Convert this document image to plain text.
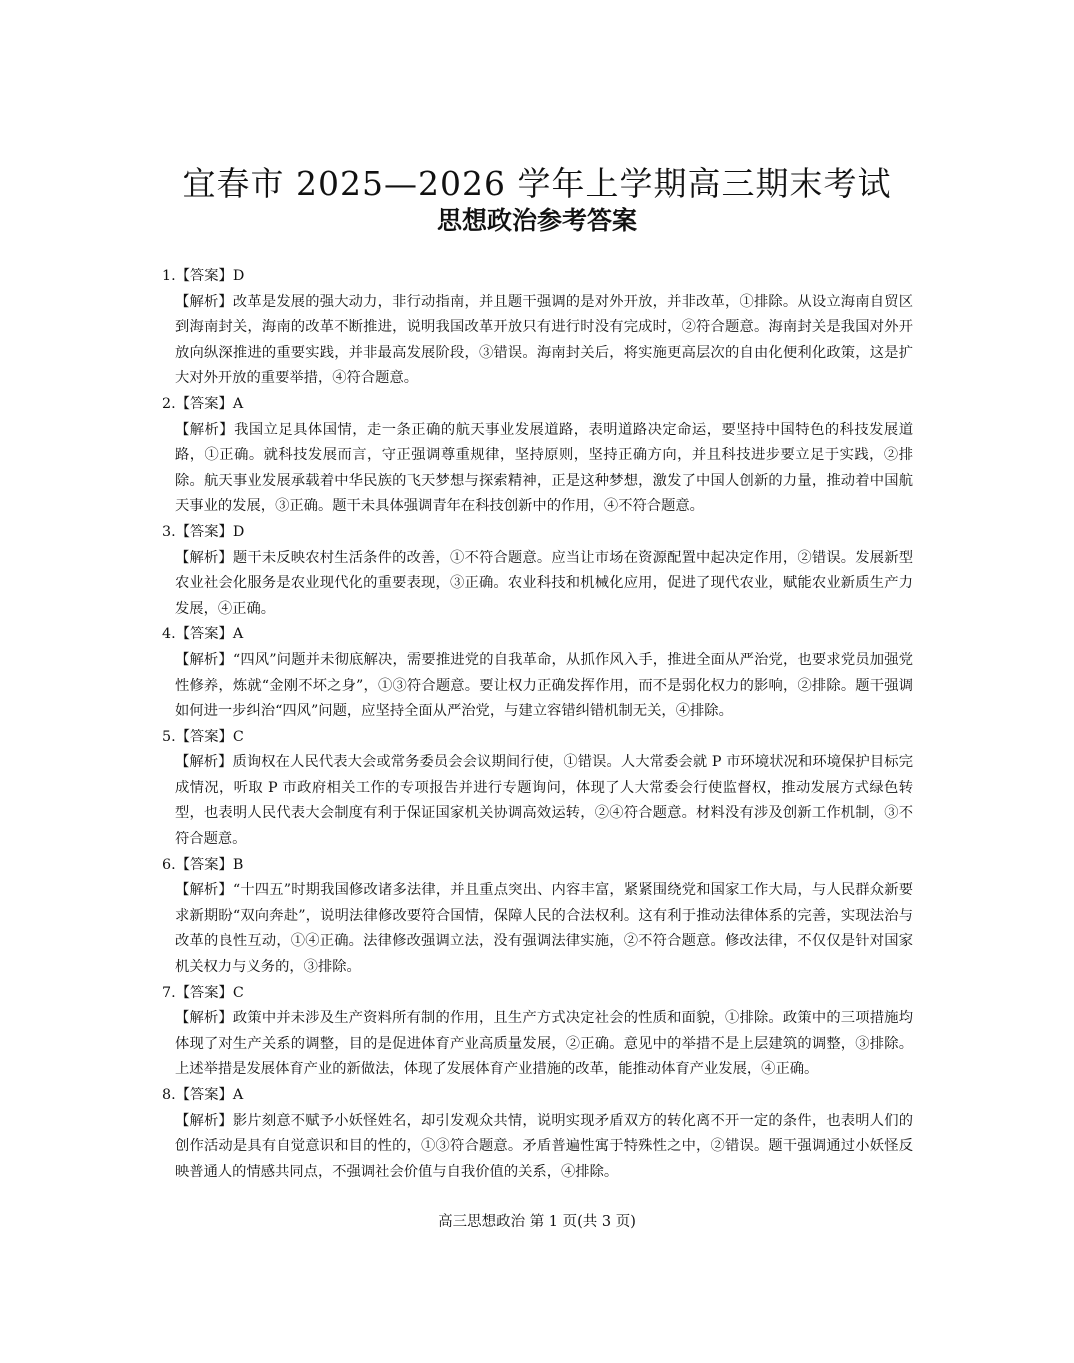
宜春市 2025—2026 学年上学期高三期末考试
思想政治参考答案
1.【答案】D
【解析】改革是发展的强大动力，非行动指南，并且题干强调的是对外开放，并非改革，①排除。从设立海南自贸区到海南封关，海南的改革不断推进，说明我国改革开放只有进行时没有完成时，②符合题意。海南封关是我国对外开放向纵深推进的重要实践，并非最高发展阶段，③错误。海南封关后，将实施更高层次的自由化便利化政策，这是扩大对外开放的重要举措，④符合题意。
2.【答案】A
【解析】我国立足具体国情，走一条正确的航天事业发展道路，表明道路决定命运，要坚持中国特色的科技发展道路，①正确。就科技发展而言，守正强调尊重规律，坚持原则，坚持正确方向，并且科技进步要立足于实践，②排除。航天事业发展承载着中华民族的飞天梦想与探索精神，正是这种梦想，激发了中国人创新的力量，推动着中国航天事业的发展，③正确。题干未具体强调青年在科技创新中的作用，④不符合题意。
3.【答案】D
【解析】题干未反映农村生活条件的改善，①不符合题意。应当让市场在资源配置中起决定作用，②错误。发展新型农业社会化服务是农业现代化的重要表现，③正确。农业科技和机械化应用，促进了现代农业，赋能农业新质生产力发展，④正确。
4.【答案】A
【解析】“四风”问题并未彻底解决，需要推进党的自我革命，从抓作风入手，推进全面从严治党，也要求党员加强党性修养，炼就“金刚不坏之身”，①③符合题意。要让权力正确发挥作用，而不是弱化权力的影响，②排除。题干强调如何进一步纠治“四风”问题，应坚持全面从严治党，与建立容错纠错机制无关，④排除。
5.【答案】C
【解析】质询权在人民代表大会或常务委员会会议期间行使，①错误。人大常委会就 P 市环境状况和环境保护目标完成情况，听取 P 市政府相关工作的专项报告并进行专题询问，体现了人大常委会行使监督权，推动发展方式绿色转型，也表明人民代表大会制度有利于保证国家机关协调高效运转，②④符合题意。材料没有涉及创新工作机制，③不符合题意。
6.【答案】B
【解析】“十四五”时期我国修改诸多法律，并且重点突出、内容丰富，紧紧围绕党和国家工作大局，与人民群众新要求新期盼“双向奔赴”，说明法律修改要符合国情，保障人民的合法权利。这有利于推动法律体系的完善，实现法治与改革的良性互动，①④正确。法律修改强调立法，没有强调法律实施，②不符合题意。修改法律，不仅仅是针对国家机关权力与义务的，③排除。
7.【答案】C
【解析】政策中并未涉及生产资料所有制的作用，且生产方式决定社会的性质和面貌，①排除。政策中的三项措施均体现了对生产关系的调整，目的是促进体育产业高质量发展，②正确。意见中的举措不是上层建筑的调整，③排除。上述举措是发展体育产业的新做法，体现了发展体育产业措施的改革，能推动体育产业发展，④正确。
8.【答案】A
【解析】影片刻意不赋予小妖怪姓名，却引发观众共情，说明实现矛盾双方的转化离不开一定的条件，也表明人们的创作活动是具有自觉意识和目的性的，①③符合题意。矛盾普遍性寓于特殊性之中，②错误。题干强调通过小妖怪反映普通人的情感共同点，不强调社会价值与自我价值的关系，④排除。
高三思想政治 第 1 页(共 3 页)
